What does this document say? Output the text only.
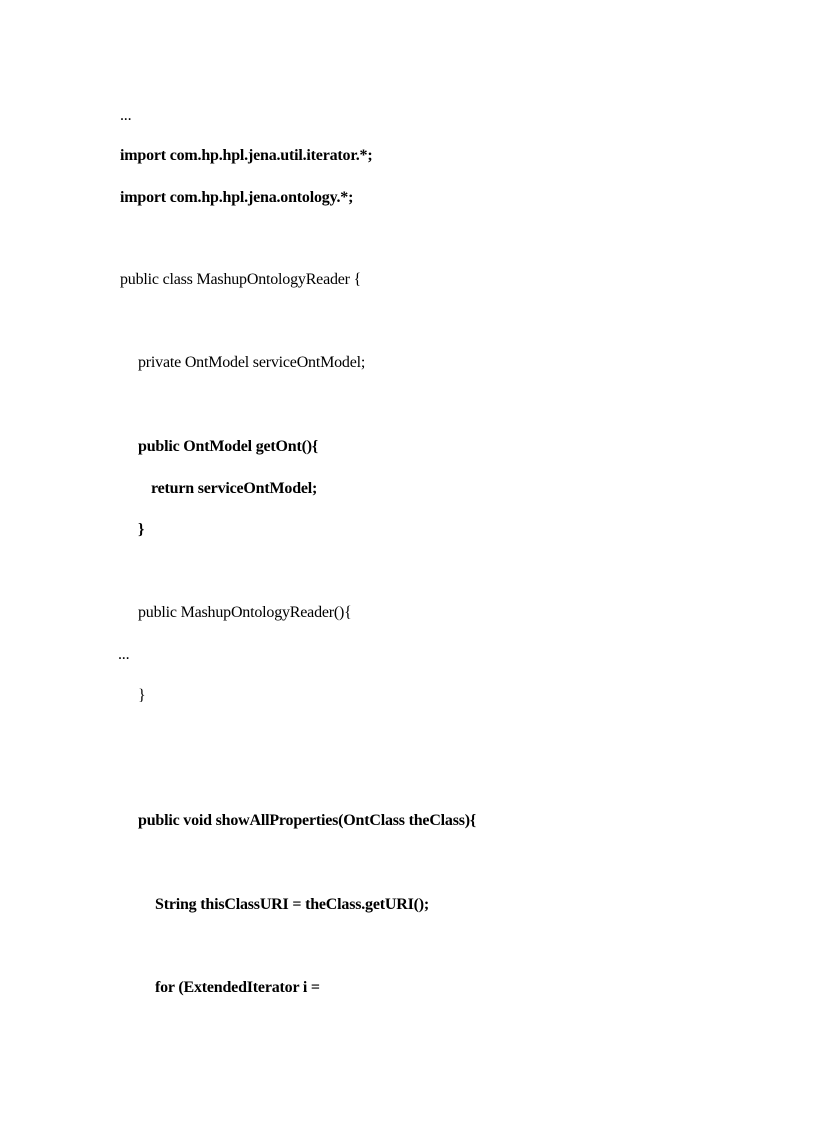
...
import com.hp.hpl.jena.util.iterator.*;
import com.hp.hpl.jena.ontology.*;
public class MashupOntologyReader {
private OntModel serviceOntModel;
public OntModel getOnt(){
return serviceOntModel;
}
public MashupOntologyReader(){
...
}
public void showAllProperties(OntClass theClass){
String thisClassURI = theClass.getURI();
for (ExtendedIterator i =
